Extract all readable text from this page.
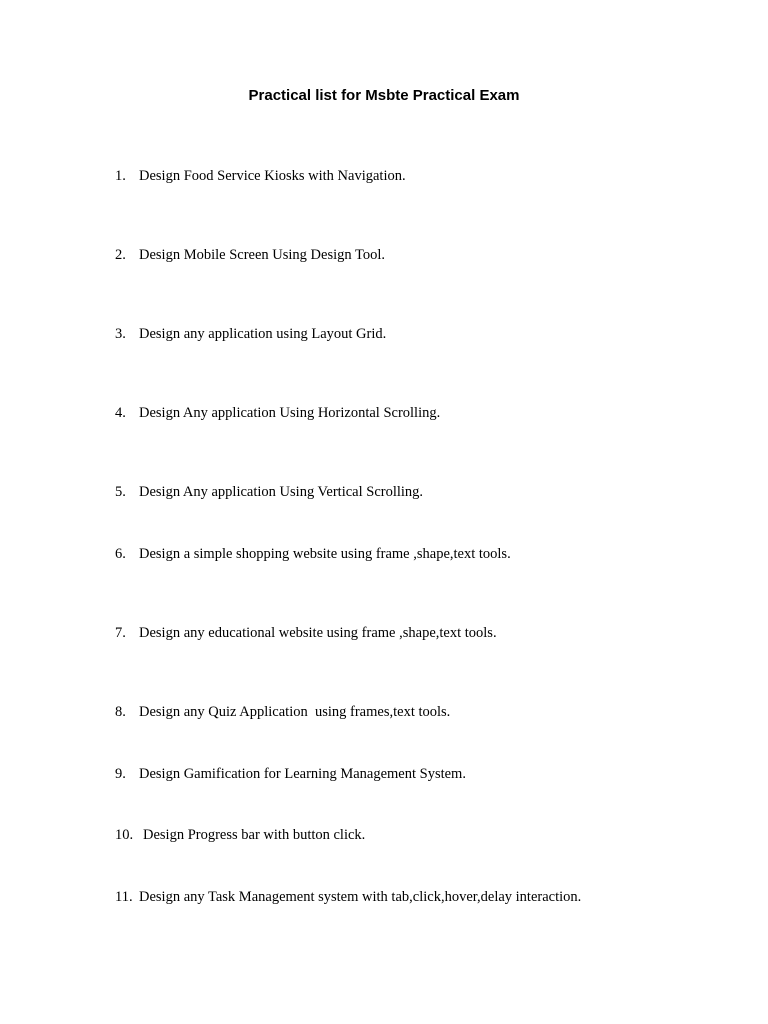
Practical list for Msbte Practical Exam
1. Design Food Service Kiosks with Navigation.
2. Design Mobile Screen Using Design Tool.
3. Design any application using Layout Grid.
4. Design Any application Using Horizontal Scrolling.
5. Design Any application Using Vertical Scrolling.
6. Design a simple shopping website using frame ,shape,text tools.
7. Design any educational website using frame ,shape,text tools.
8. Design any Quiz Application  using frames,text tools.
9. Design Gamification for Learning Management System.
10. Design Progress bar with button click.
11. Design any Task Management system with tab,click,hover,delay interaction.
